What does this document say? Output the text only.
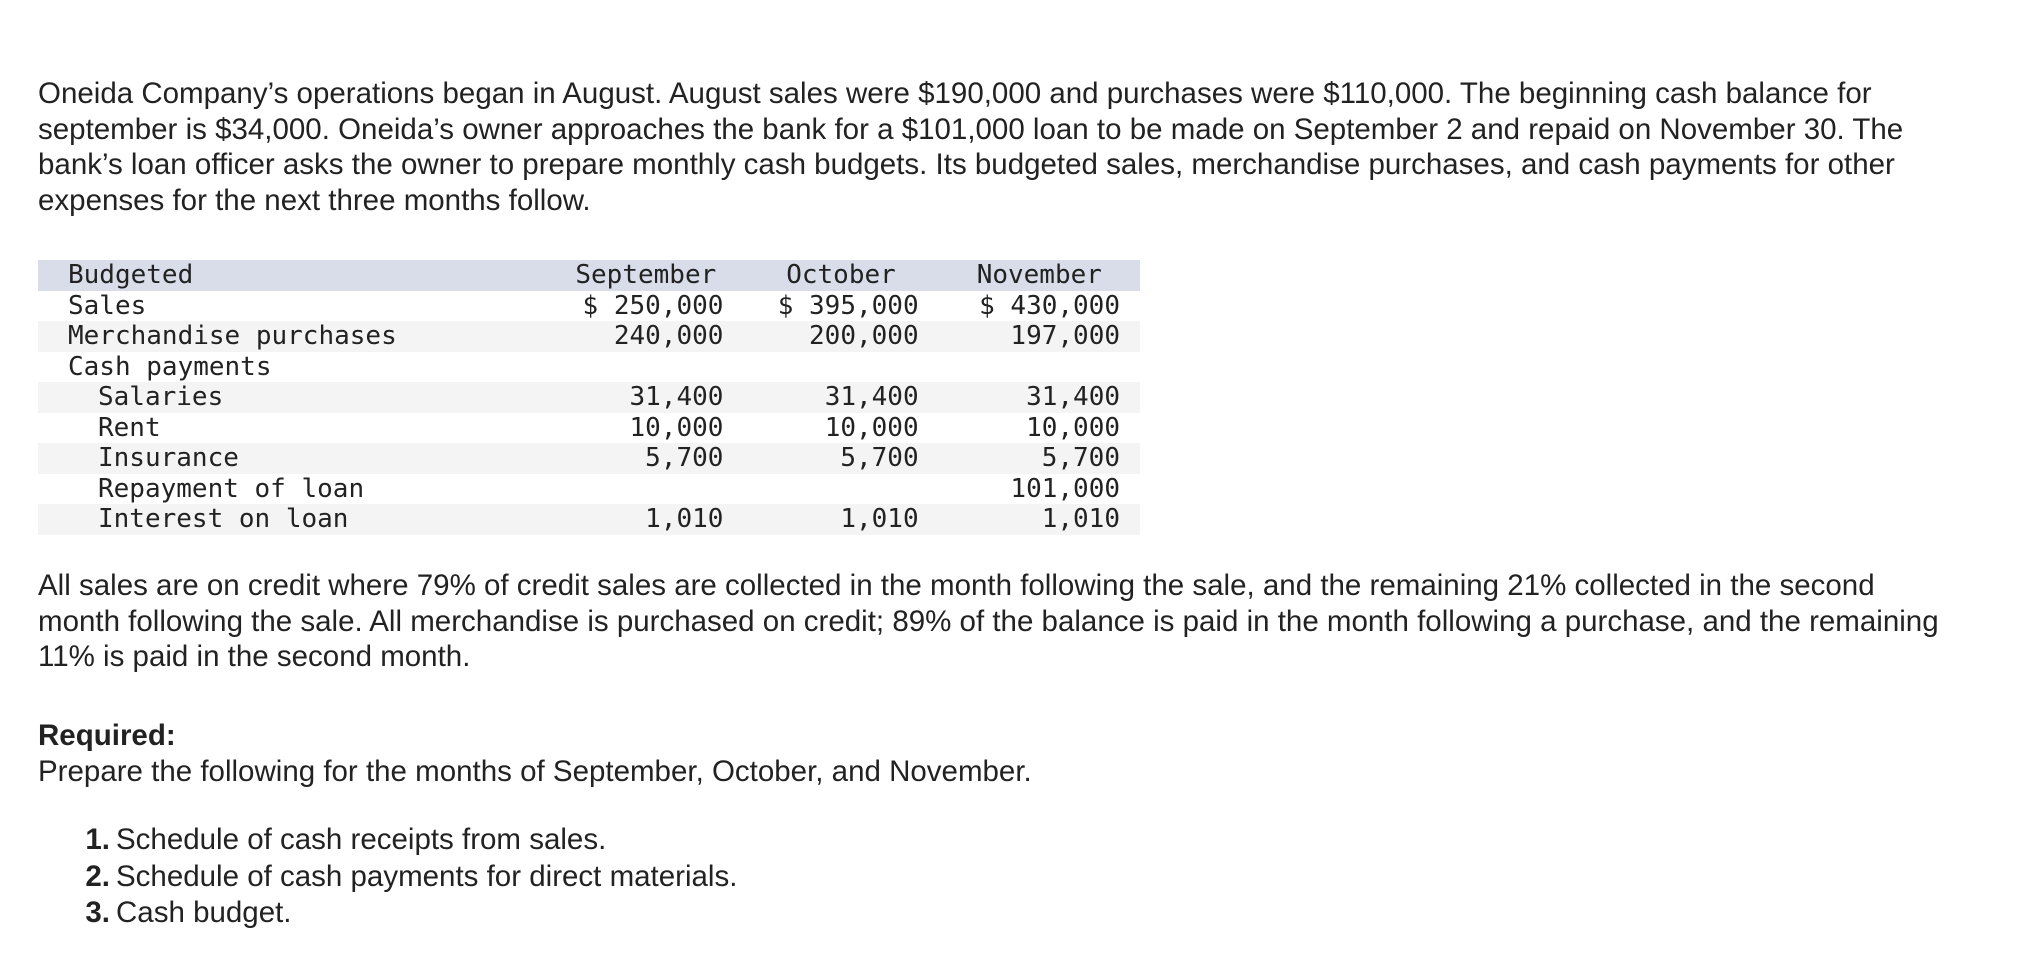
Oneida Company’s operations began in August. August sales were $190,000 and purchases were $110,000. The beginning cash balance for september is $34,000. Oneida’s owner approaches the bank for a $101,000 loan to be made on September 2 and repaid on November 30. The bank’s loan officer asks the owner to prepare monthly cash budgets. Its budgeted sales, merchandise purchases, and cash payments for other expenses for the next three months follow.

Budgeted	September	October	November
Sales	$ 250,000	$ 395,000	$ 430,000
Merchandise purchases	240,000	200,000	197,000
Cash payments			
Salaries	31,400	31,400	31,400
Rent	10,000	10,000	10,000
Insurance	5,700	5,700	5,700
Repayment of loan			101,000
Interest on loan	1,010	1,010	1,010

All sales are on credit where 79% of credit sales are collected in the month following the sale, and the remaining 21% collected in the second month following the sale. All merchandise is purchased on credit; 89% of the balance is paid in the month following a purchase, and the remaining 11% is paid in the second month.

Required:

Prepare the following for the months of September, October, and November.

1. Schedule of cash receipts from sales.
2. Schedule of cash payments for direct materials.
3. Cash budget.
